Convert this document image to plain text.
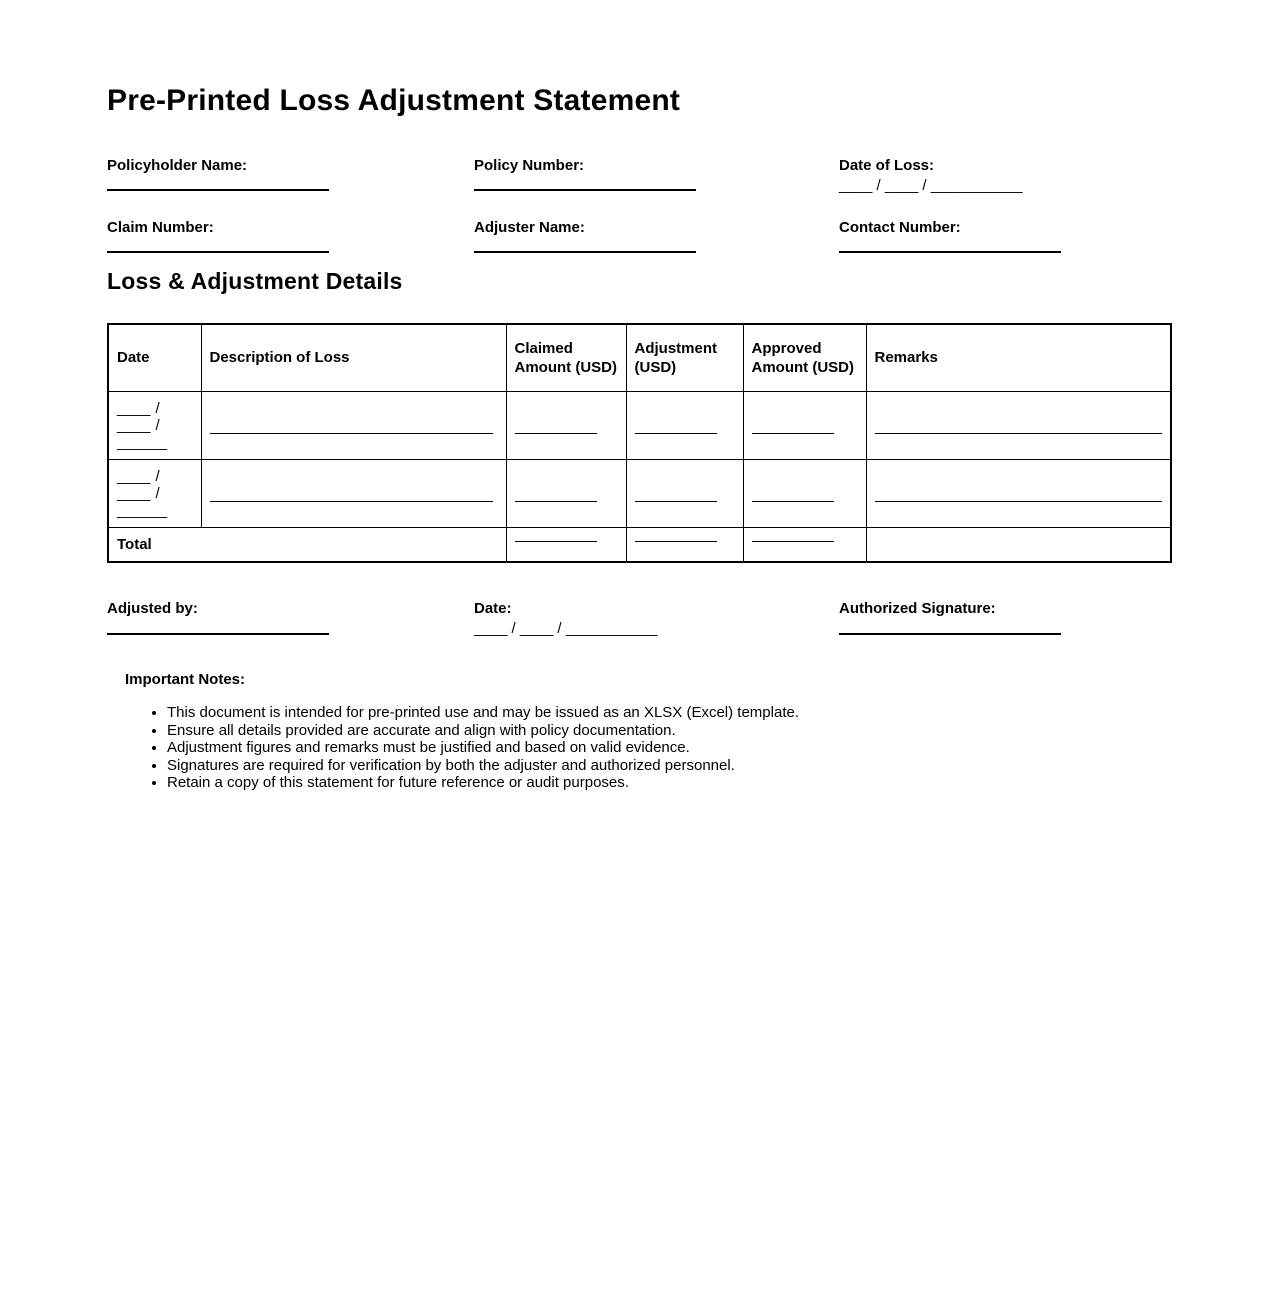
Pre-Printed Loss Adjustment Statement
Policyholder Name:	Policy Number:	Date of Loss:
____ / ____ / ___________
Claim Number:	Adjuster Name:	Contact Number:
Loss & Adjustment Details
Date	Description of Loss	Claimed Amount (USD)	Adjustment (USD)	Approved Amount (USD)	Remarks
____ / ____ / ______	

____ / ____ / ______	

Total		

Adjusted by:	Date:
____ / ____ / ___________
Authorized Signature:
Important Notes:
• This document is intended for pre-printed use and may be issued as an XLSX (Excel) template.
• Ensure all details provided are accurate and align with policy documentation.
• Adjustment figures and remarks must be justified and based on valid evidence.
• Signatures are required for verification by both the adjuster and authorized personnel.
• Retain a copy of this statement for future reference or audit purposes.
